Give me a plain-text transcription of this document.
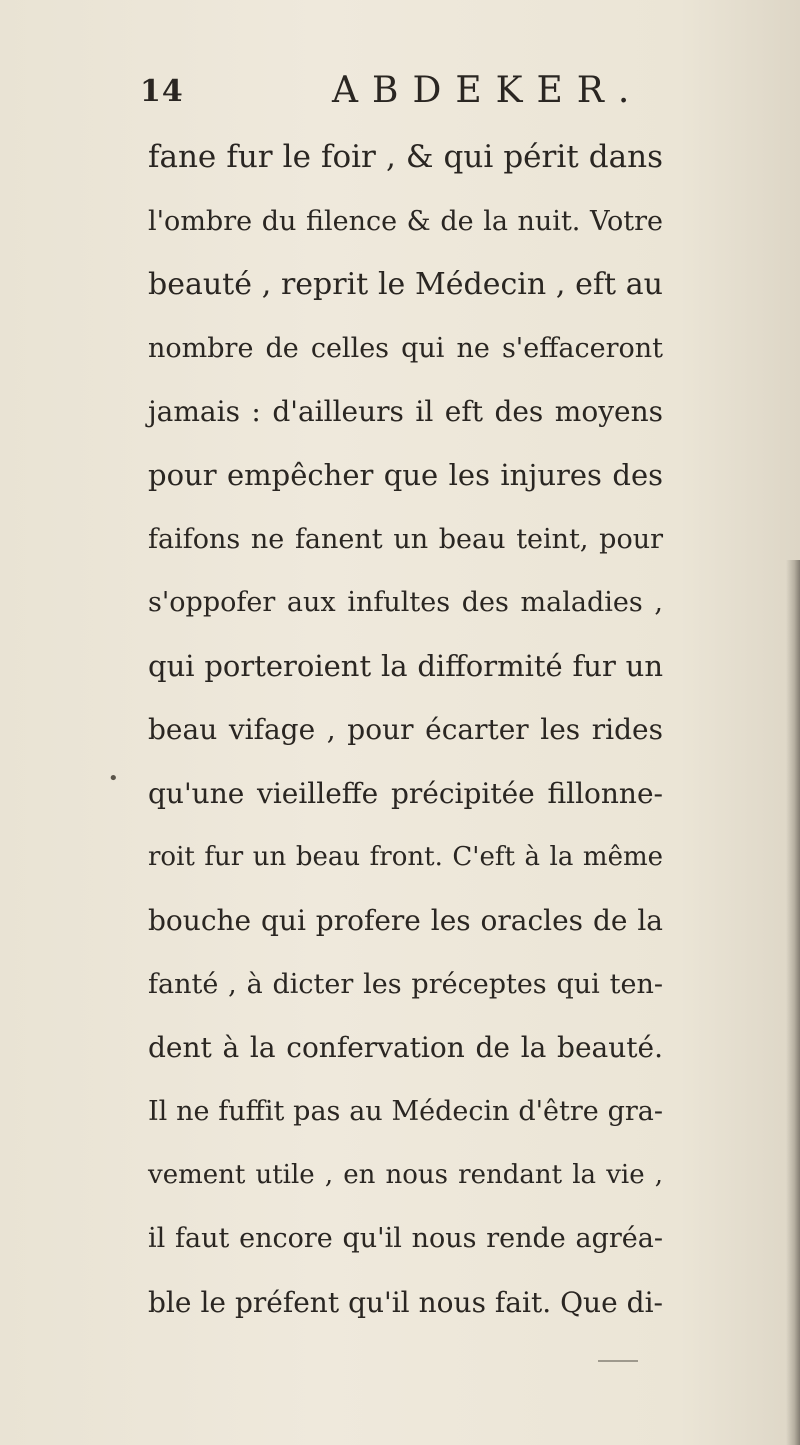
14	ABDEKER.
•
fane fur le foir , & qui périt dans
l'ombre du filence & de la nuit. Votre
beauté , reprit le Médecin , eft au
nombre de celles qui ne s'effaceront
jamais : d'ailleurs il eft des moyens
pour empêcher que les injures des
faifons ne fanent un beau teint, pour
s'oppofer aux infultes des maladies ,
qui porteroient la difformité fur un
beau vifage , pour écarter les rides
qu'une vieilleffe précipitée fillonne-
roit fur un beau front. C'eft à la même
bouche qui profere les oracles de la
fanté , à dicter les préceptes qui ten-
dent à la confervation de la beauté.
Il ne fuffit pas au Médecin d'être gra-
vement utile , en nous rendant la vie ,
il faut encore qu'il nous rende agréa-
ble le préfent qu'il nous fait. Que di-
